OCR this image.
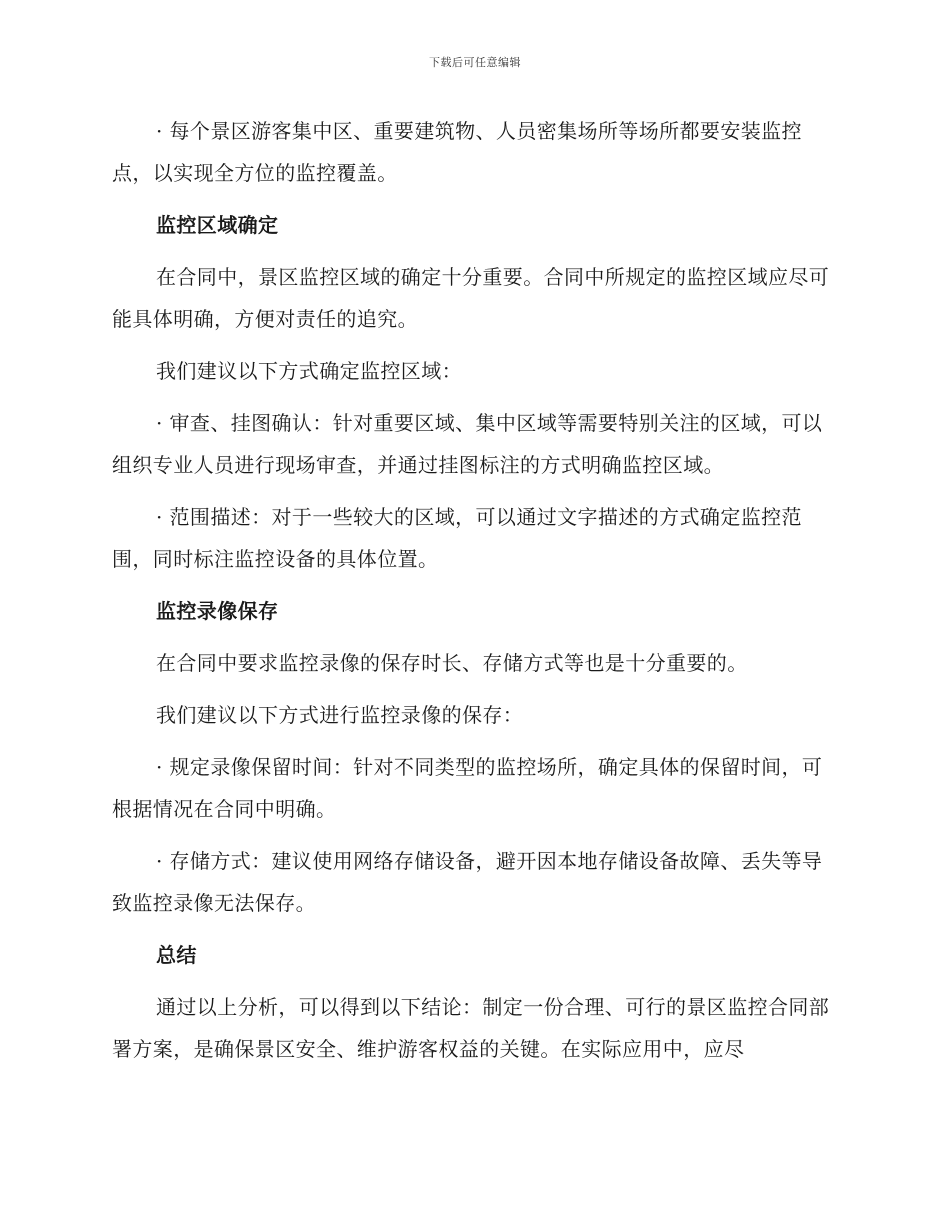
下载后可任意编辑

· 每个景区游客集中区、重要建筑物、人员密集场所等场所都要安装监控点，以实现全方位的监控覆盖。

监控区域确定

在合同中，景区监控区域的确定十分重要。合同中所规定的监控区域应尽可能具体明确，方便对责任的追究。

我们建议以下方式确定监控区域：

· 审查、挂图确认：针对重要区域、集中区域等需要特别关注的区域，可以组织专业人员进行现场审查，并通过挂图标注的方式明确监控区域。

· 范围描述：对于一些较大的区域，可以通过文字描述的方式确定监控范围，同时标注监控设备的具体位置。

监控录像保存

在合同中要求监控录像的保存时长、存储方式等也是十分重要的。

我们建议以下方式进行监控录像的保存：

· 规定录像保留时间：针对不同类型的监控场所，确定具体的保留时间，可根据情况在合同中明确。

· 存储方式：建议使用网络存储设备，避开因本地存储设备故障、丢失等导致监控录像无法保存。

总结

通过以上分析，可以得到以下结论：制定一份合理、可行的景区监控合同部署方案，是确保景区安全、维护游客权益的关键。在实际应用中，应尽
